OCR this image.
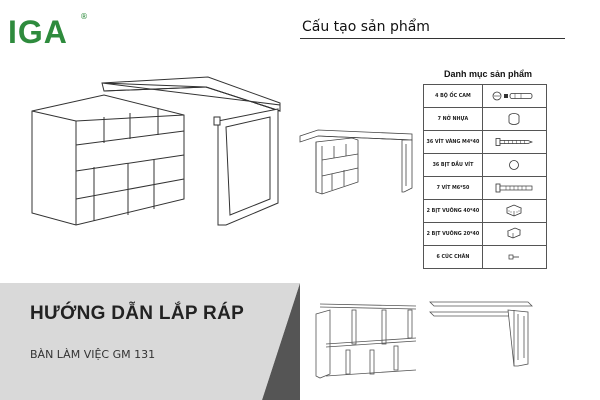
IGA ®
HƯỚNG DẪN LẮP RÁP
BÀN LÀM VIỆC GM 131
Cấu tạo sản phẩm
Danh mục sản phẩm
4 BỘ ỐC CAM	

7 NỞ NHỰA	

36 VÍT VÀNG M4*40	

36 BỊT ĐẦU VÍT	

7 VÍT M6*50	

2 BỊT VUÔNG 40*40	

2 BỊT VUÔNG 20*40	

6 CÚC CHÂN	
